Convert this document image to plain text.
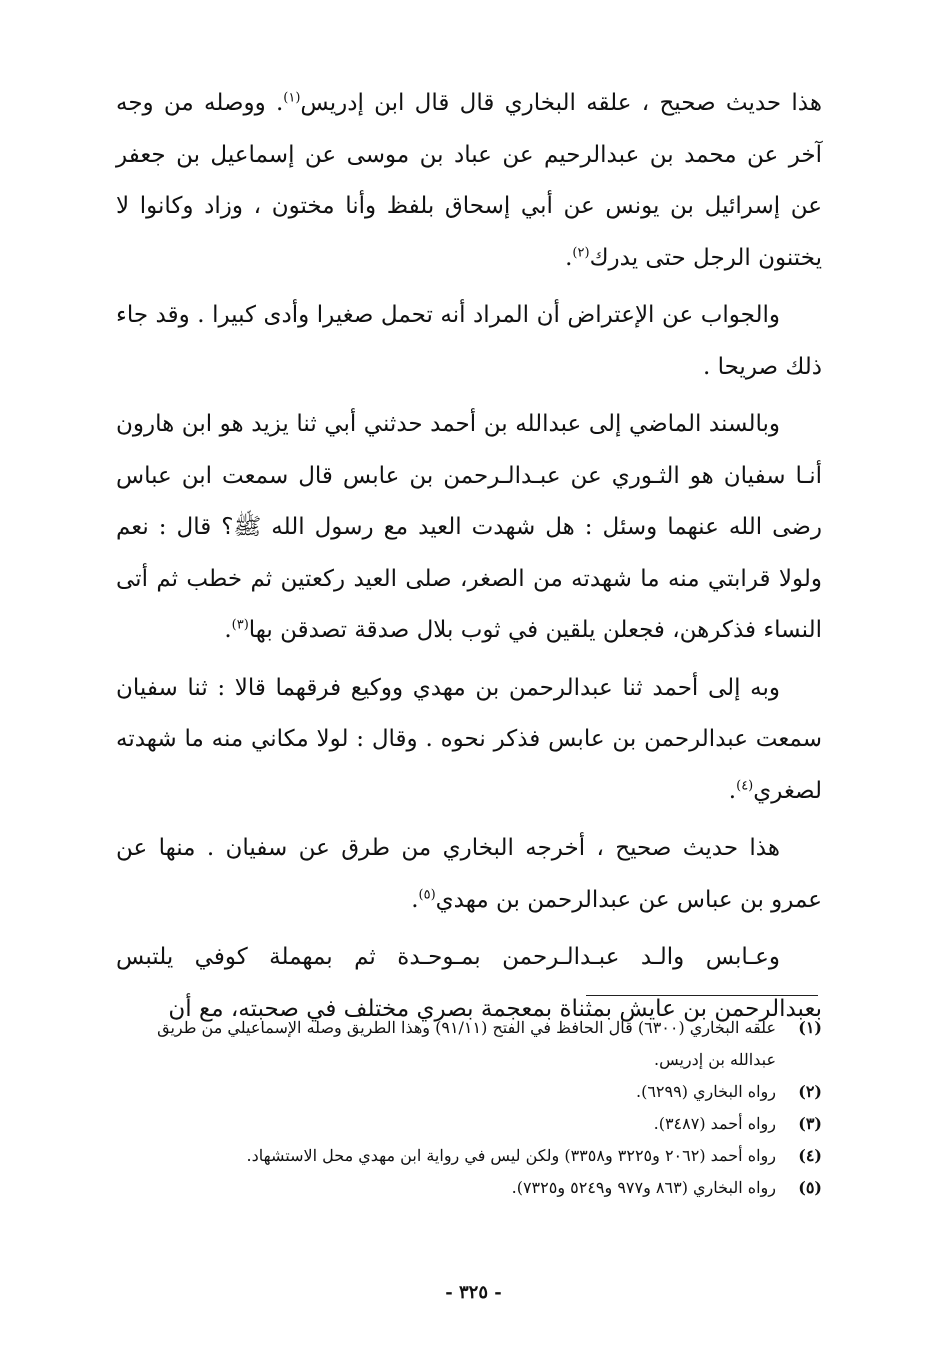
هذا حديث صحيح ، علقه البخاري قال قال ابن إدريس$^{(١)}$. ووصله من وجه آخر عن محمد بن عبدالرحيم عن عباد بن موسى عن إسماعيل بن جعفر عن إسرائيل بن يونس عن أبي إسحاق بلفظ وأنا مختون ، وزاد وكانوا لا يختنون الرجل حتى يدرك$^{(٢)}$.

والجواب عن الإعتراض أن المراد أنه تحمل صغيرا وأدى كبيرا . وقد جاء ذلك صريحا .

وبالسند الماضي إلى عبدالله بن أحمد حدثني أبي ثنا يزيد هو ابن هارون أنـا سفيان هو الثـوري عن عبـدالـرحمن بن عابس قال سمعت ابن عباس رضى الله عنهما وسئل : هل شهدت العيد مع رسول الله ﷺ؟ قال : نعم ولولا قرابتي منه ما شهدته من الصغر، صلى العيد ركعتين ثم خطب ثم أتى النساء فذكرهن، فجعلن يلقين في ثوب بلال صدقة تصدقن بها$^{(٣)}$.

وبه إلى أحمد ثنا عبدالرحمن بن مهدي ووكيع فرقهما قالا : ثنا سفيان سمعت عبدالرحمن بن عابس فذكر نحوه . وقال : لولا مكاني منه ما شهدته لصغري$^{(٤)}$.

هذا حديث صحيح ، أخرجه البخاري من طرق عن سفيان . منها عن عمرو بن عباس عن عبدالرحمن بن مهدي$^{(٥)}$.

وعـابس والـد عبـدالـرحمن بمـوحـدة ثم بمهملة كوفي يلتبس بعبدالرحمن بن عايش بمثناة بمعجمة بصري مختلف في صحبته، مع أن

(١)
علقه البخاري (٦٣٠٠) قال الحافظ في الفتح (٩١/١١) وهذا الطريق وصله الإسماعيلي من طريق عبدالله بن إدريس.
(٢)
رواه البخاري (٦٢٩٩).
(٣)
رواه أحمد (٣٤٨٧).
(٤)
رواه أحمد (٢٠٦٢ و٣٢٢٥ و٣٣٥٨) ولكن ليس في رواية ابن مهدي محل الاستشهاد.
(٥)
رواه البخاري (٨٦٣ و٩٧٧ و٥٢٤٩ و٧٣٢٥).
- ٣٢٥ -
